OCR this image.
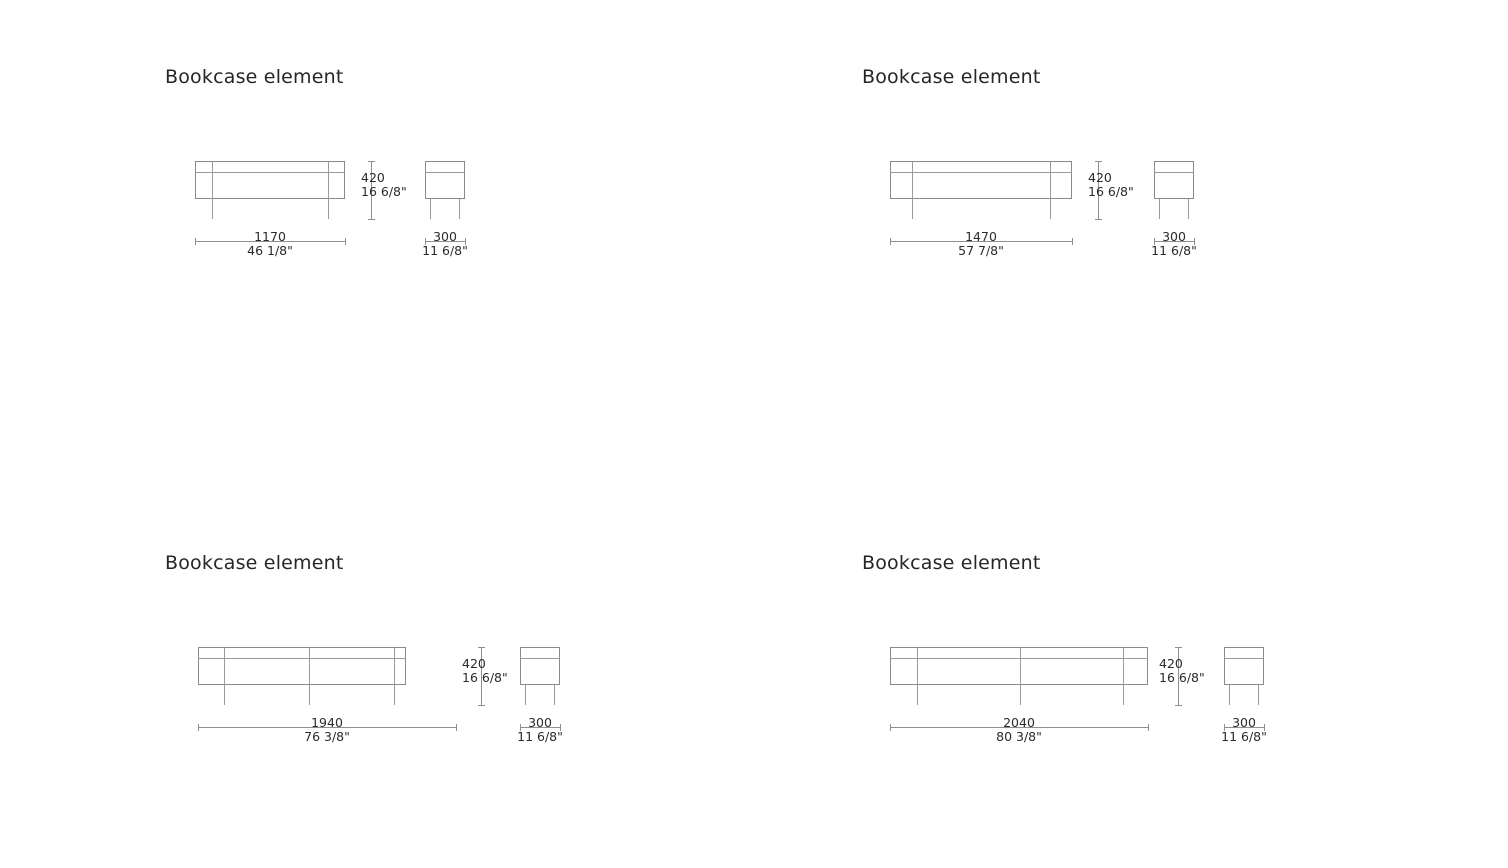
Bookcase element
1170
46 1/8"
420
16 6/8"
300
11 6/8"
Bookcase element
1470
57 7/8"
420
16 6/8"
300
11 6/8"
Bookcase element
1940
76 3/8"
420
16 6/8"
300
11 6/8"
Bookcase element
2040
80 3/8"
420
16 6/8"
300
11 6/8"
